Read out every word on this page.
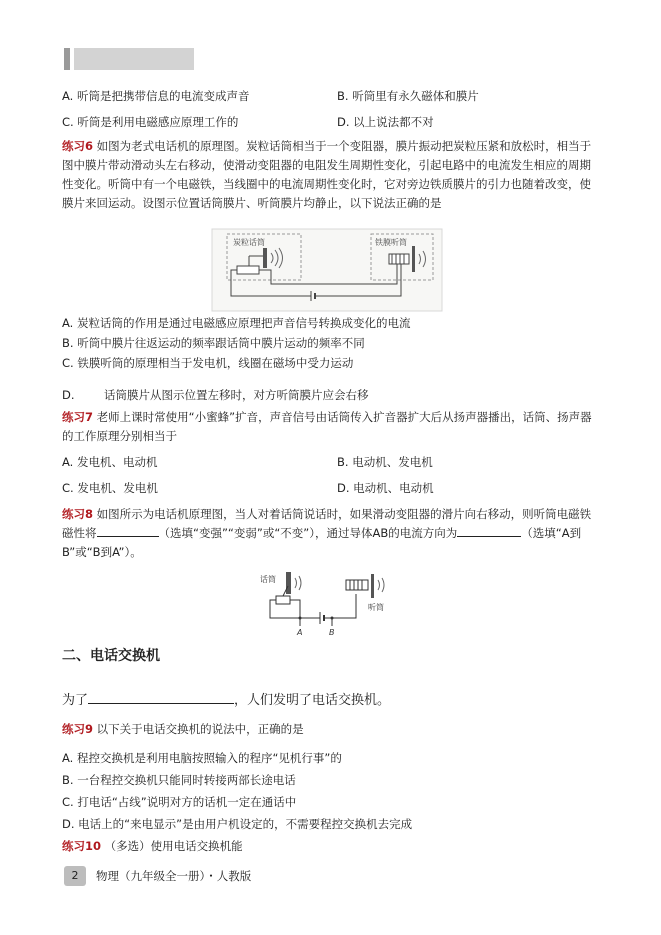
A. 听筒是把携带信息的电流变成声音	B. 听筒里有永久磁体和膜片
C. 听筒是利用电磁感应原理工作的	D. 以上说法都不对
练习6 如图为老式电话机的原理图。炭粒话筒相当于一个变阻器，膜片振动把炭粒压紧和放松时，相当于图中膜片带动滑动头左右移动，使滑动变阻器的电阻发生周期性变化，引起电路中的电流发生相应的周期性变化。听筒中有一个电磁铁，当线圈中的电流周期性变化时，它对旁边铁质膜片的引力也随着改变，使膜片来回运动。设图示位置话筒膜片、听筒膜片均静止，以下说法正确的是
炭粒话筒	铁膜听筒
A. 炭粒话筒的作用是通过电磁感应原理把声音信号转换成变化的电流
B. 听筒中膜片往返运动的频率跟话筒中膜片运动的频率不同
C. 铁膜听筒的原理相当于发电机，线圈在磁场中受力运动
D.	话筒膜片从图示位置左移时，对方听筒膜片应会右移
练习7 老师上课时常使用“小蜜蜂”扩音，声音信号由话筒传入扩音器扩大后从扬声器播出，话筒、扬声器的工作原理分别相当于
A. 发电机、电动机	B. 电动机、发电机
C. 发电机、发电机	D. 电动机、电动机
练习8 如图所示为电话机原理图，当人对着话筒说话时，如果滑动变阻器的滑片向右移动，则听筒电磁铁磁性将	（选填“变强”“变弱”或“不变”），通过导体AB的电流方向为	（选填“A到B”或“B到A”）。
话筒
A	B
听筒
二、电话交换机
为了	，人们发明了电话交换机。
练习9 以下关于电话交换机的说法中，正确的是
A. 程控交换机是利用电脑按照输入的程序“见机行事”的
B. 一台程控交换机只能同时转接两部长途电话
C. 打电话“占线”说明对方的话机一定在通话中
D. 电话上的“来电显示”是由用户机设定的，不需要程控交换机去完成
练习10 （多选）使用电话交换机能
2	物理（九年级全一册）・人教版
